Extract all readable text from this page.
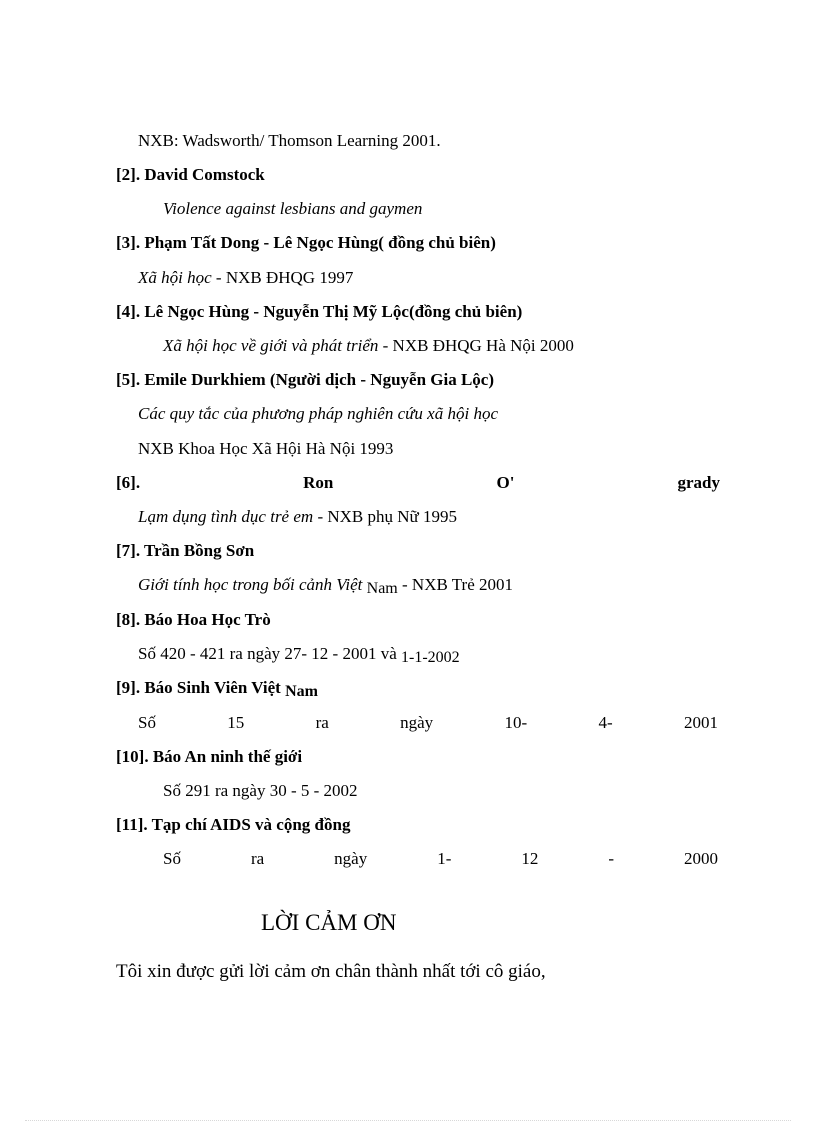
NXB: Wadsworth/ Thomson Learning 2001.
[2]. David Comstock
Violence against lesbians and gaymen
[3]. Phạm Tất Dong - Lê Ngọc Hùng( đồng chủ biên)
Xã hội học - NXB ĐHQG 1997
[4]. Lê Ngọc Hùng - Nguyễn Thị Mỹ Lộc(đồng chủ biên)
Xã hội học về giới và phát triển - NXB ĐHQG Hà Nội 2000
[5]. Emile Durkhiem (Người dịch - Nguyễn Gia Lộc)
Các quy tắc của phương pháp nghiên cứu xã hội học
NXB Khoa Học Xã Hội Hà Nội 1993
[6].	Ron	O'	grady
Lạm dụng tình dục trẻ em - NXB phụ Nữ 1995
[7]. Trần Bồng Sơn
Giới tính học trong bối cảnh Việt Nam - NXB Trẻ 2001
[8]. Báo Hoa Học Trò
Số 420 - 421 ra ngày 27- 12 - 2001 và 1-1-2002
[9]. Báo Sinh Viên Việt Nam
Số	15	ra	ngày	10-	4-	2001
[10]. Báo An ninh thế giới
Số 291 ra ngày 30 - 5 - 2002
[11]. Tạp chí AIDS và cộng đồng
Số	ra	ngày	1-	12	-	2000
LỜI CẢM ƠN
Tôi xin được gửi lời cảm ơn chân thành nhất tới cô giáo,
